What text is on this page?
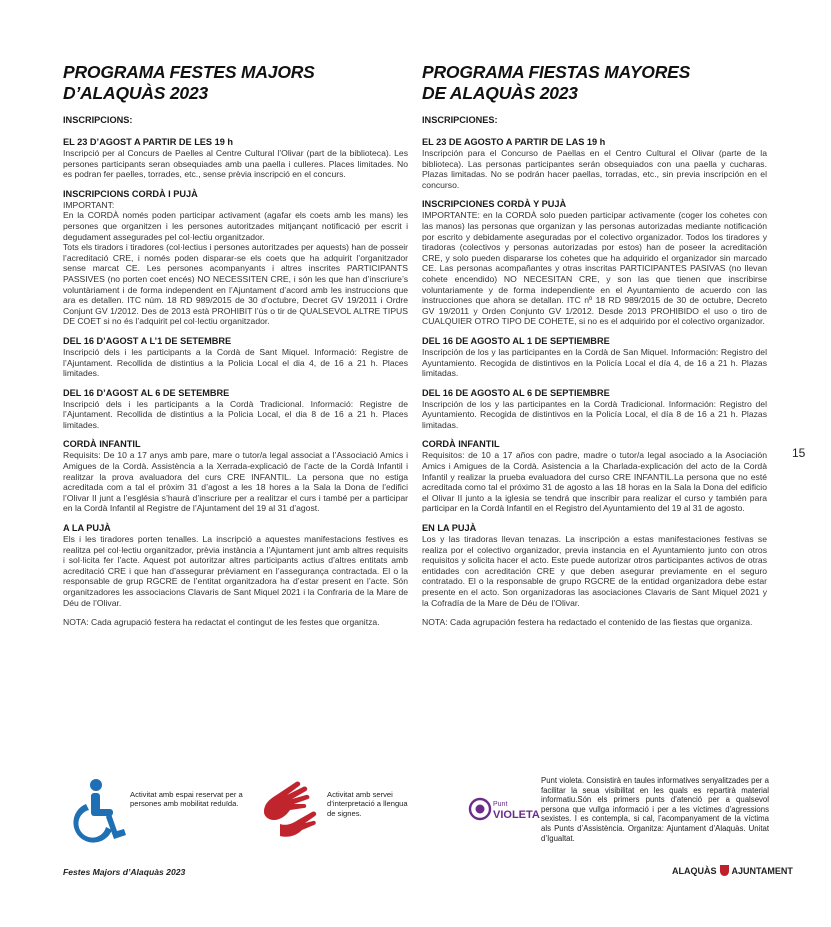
PROGRAMA FESTES MAJORS
D’ALAQUÀS 2023
INSCRIPCIONS:
EL 23 D’AGOST A PARTIR DE LES 19 h

Inscripció per al Concurs de Paelles al Centre Cultural l’Olivar (part de la biblioteca). Les persones participants seran obsequiades amb una paella i culleres. Places limitades. No es podran fer paelles, torrades, etc., sense prèvia inscripció en el concurs.

INSCRIPCIONS CORDÀ I PUJÀ

IMPORTANT:
En la CORDÀ només poden participar activament (agafar els coets amb les mans) les persones que organitzen i les persones autoritzades mitjançant notificació per escrit i degudament assegurades pel col·lectiu organitzador.
Tots els tiradors i tiradores (col·lectius i persones autoritzades per aquests) han de posseir l’acreditació CRE, i només poden disparar-se els coets que ha adquirit l’organitzador sense marcat CE. Les persones acompanyants i altres inscrites PARTICIPANTS PASSIVES (no porten coet encés) NO NECESSITEN CRE, i són les que han d’inscriure’s voluntàriament i de forma independent en l’Ajuntament d’acord amb les instruccions que ara es detallen. ITC núm. 18 RD 989/2015 de 30 d’octubre, Decret GV 19/2011 i Ordre Conjunt GV 1/2012. Des de 2013 està PROHIBIT l’ús o tir de QUALSEVOL ALTRE TIPUS DE COET si no és l’adquirit pel col·lectiu organitzador.

DEL 16 D’AGOST A L’1 DE SETEMBRE

Inscripció dels i les participants a la Cordà de Sant Miquel. Informació: Registre de l’Ajuntament. Recollida de distintius a la Policia Local el dia 4, de 16 a 21 h. Places limitades.

DEL 16 D’AGOST AL 6 DE SETEMBRE

Inscripció dels i les participants a la Cordà Tradicional. Informació: Registre de l’Ajuntament. Recollida de distintius a la Policia Local, el dia 8 de 16 a 21 h. Places limitades.

CORDÀ INFANTIL

Requisits: De 10 a 17 anys amb pare, mare o tutor/a legal associat a l’Associació Amics i Amigues de la Cordà. Assistència a la Xerrada-explicació de l’acte de la Cordà Infantil i realitzar la prova avaluadora del curs CRE INFANTIL. La persona que no estiga acreditada com a tal el pròxim 31 d’agost a les 18 hores a la Sala la Dona de l’edifici l’Olivar II junt a l’església s’haurà d’inscriure per a realitzar el curs i també per a participar en la Cordà Infantil al Registre de l’Ajuntament del 19 al 31 d’agost.

A LA PUJÀ

Els i les tiradores porten tenalles. La inscripció a aquestes manifestacions festives es realitza pel col·lectiu organitzador, prèvia instància a l’Ajuntament junt amb altres requisits i sol·licita fer l’acte. Aquest pot autoritzar altres participants actius d’altres entitats amb acreditació CRE i que han d’assegurar prèviament en l’assegurança contractada. El o la responsable de grup RGCRE de l’entitat organitzadora ha d’estar present en l’acte. Són organitzadores les associacions Clavaris de Sant Miquel 2021 i la Confraria de la Mare de Déu de l’Olivar.

NOTA: Cada agrupació festera ha redactat el contingut de les festes que organitza.

PROGRAMA FIESTAS MAYORES
DE ALAQUÀS 2023
INSCRIPCIONES:
EL 23 DE AGOSTO A PARTIR DE LAS 19 h

Inscripción para el Concurso de Paellas en el Centro Cultural el Olivar (parte de la biblioteca). Las personas participantes serán obsequiados con una paella y cucharas. Plazas limitadas. No se podrán hacer paellas, torradas, etc., sin previa inscripción en el concurso.

INSCRIPCIONES CORDÀ Y PUJÀ

IMPORTANTE: en la CORDÀ solo pueden participar activamente (coger los cohetes con las manos) las personas que organizan y las personas autorizadas mediante notificación por escrito y debidamente aseguradas por el colectivo organizador. Todos los tiradores y tiradoras (colectivos y personas autorizadas por estos) han de poseer la acreditación CRE, y solo pueden dispararse los cohetes que ha adquirido el organizador sin marcado CE. Las personas acompañantes y otras inscritas PARTICIPANTES PASIVAS (no llevan cohete encendido) NO NECESITAN CRE, y son las que tienen que inscribirse voluntariamente y de forma independiente en el Ayuntamiento de acuerdo con las instrucciones que ahora se detallan. ITC nº 18 RD 989/2015 de 30 de octubre, Decreto GV 19/2011 y Orden Conjunto GV 1/2012. Desde 2013 PROHIBIDO el uso o tiro de CUALQUIER OTRO TIPO DE COHETE, si no es el adquirido por el colectivo organizador.

DEL 16 DE AGOSTO AL 1 DE SEPTIEMBRE

Inscripción de los y las participantes en la Cordà de San Miquel. Información: Registro del Ayuntamiento. Recogida de distintivos en la Policía Local el día 4, de 16 a 21 h. Plazas limitadas.

DEL 16 DE AGOSTO AL 6 DE SEPTIEMBRE

Inscripción de los y las participantes en la Cordà Tradicional. Información: Registro del Ayuntamiento. Recogida de distintivos en la Policía Local, el día 8 de 16 a 21 h. Plazas limitadas.

CORDÀ INFANTIL

Requisitos: de 10 a 17 años con padre, madre o tutor/a legal asociado a la Asociación Amics i Amigues de la Cordà. Asistencia a la Charlada-explicación del acto de la Cordà Infantil y realizar la prueba evaluadora del curso CRE INFANTIL.La persona que no esté acreditada como tal el próximo 31 de agosto a las 18 horas en la Sala la Dona del edificio el Olivar II junto a la iglesia se tendrá que inscribir para realizar el curso y también para participar en la Cordà Infantil en el Registro del Ayuntamiento del 19 al 31 de agosto.

EN LA PUJÀ

Los y las tiradoras llevan tenazas. La inscripción a estas manifestaciones festivas se realiza por el colectivo organizador, previa instancia en el Ayuntamiento junto con otros requisitos y solicita hacer el acto. Este puede autorizar otros participantes activos de otras entidades con acreditación CRE y que deben asegurar previamente en el seguro contratado. El o la responsable de grupo RGCRE de la entidad organizadora debe estar presente en el acto. Son organizadoras las asociaciones Clavaris de Sant Miquel 2021 y la Cofradía de la Mare de Déu de l’Olivar.

NOTA: Cada agrupación festera ha redactado el contenido de las fiestas que organiza.

15
Activitat amb espai reservat per a persones amb mobilitat reduïda.
Activitat amb servei d’interpretació a llengua de signes.
Punt
VIOLETA
Punt violeta. Consistirà en taules informatives senyalitzades per a facilitar la seua visibilitat en les quals es repartirà material informatiu.Són els primers punts d’atenció per a qualsevol persona que vullga informació i per a les víctimes d’agressions sexistes. I es contempla, si cal, l’acompanyament de la víctima als Punts d’Assistència. Organitza: Ajuntament d’Alaquàs. Unitat d’Igualtat.
Festes Majors d’Alaquàs 2023	ALAQUÀS AJUNTAMENT
